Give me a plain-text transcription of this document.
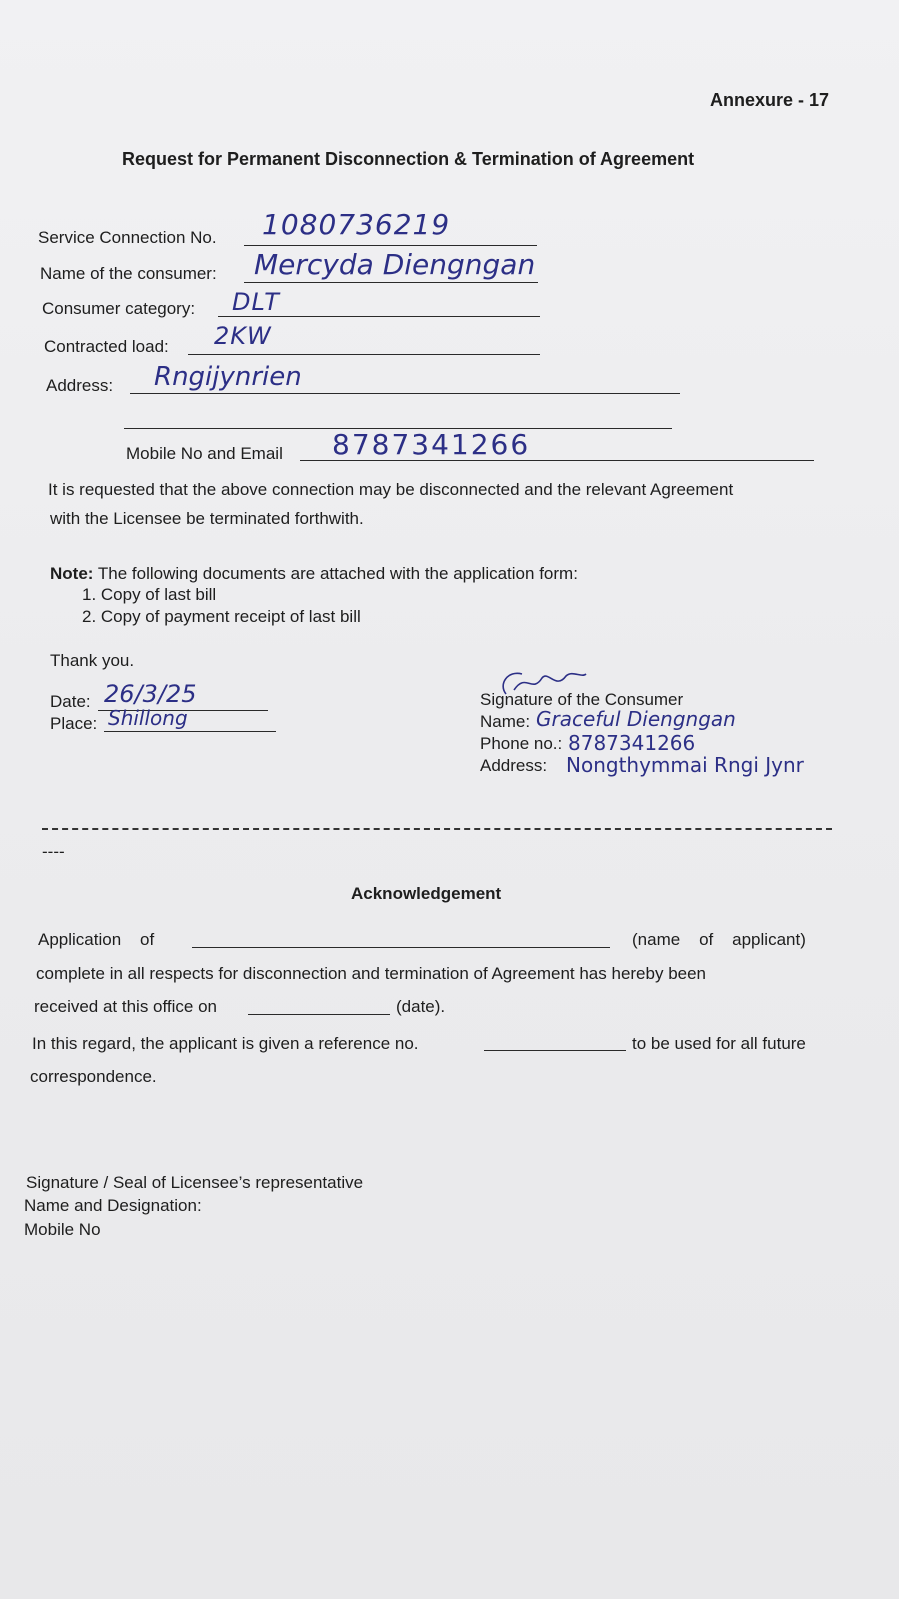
Annexure - 17
Request for Permanent Disconnection & Termination of Agreement
Service Connection No. 1080736219
Name of the consumer: Mercyda Diengngan
Consumer category: DLT
Contracted load: 2KW
Address: Rngijynrien
Mobile No and Email 8787341266
It is requested that the above connection may be disconnected and the relevant Agreement
with the Licensee be terminated forthwith.
Note: The following documents are attached with the application form:
1. Copy of last bill
2. Copy of payment receipt of last bill
Thank you.
Date: 26/3/25
Place: Shillong
Signature of the Consumer
Name: Graceful Diengngan
Phone no.: 8787341266
Address: Nongthymmai Rngi Jynr
----
Acknowledgement
Application    of	(name    of    applicant)
complete in all respects for disconnection and termination of Agreement has hereby been
received at this office on	(date).
In this regard, the applicant is given a reference no.	to be used for all future
correspondence.
Signature / Seal of Licensee’s representative
Name and Designation:
Mobile No
